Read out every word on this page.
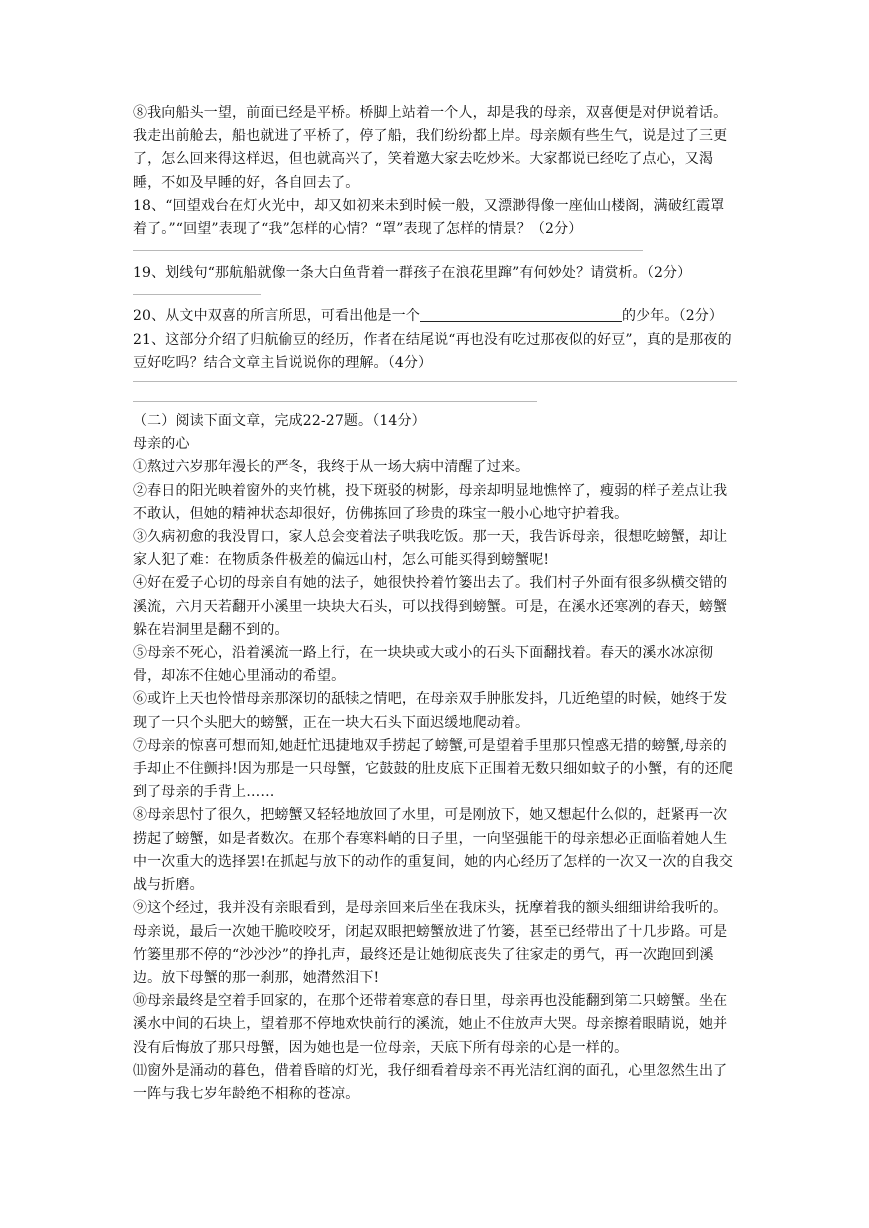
⑧我向船头一望，前面已经是平桥。桥脚上站着一个人，却是我的母亲，双喜便是对伊说着话。我走出前舱去，船也就进了平桥了，停了船，我们纷纷都上岸。母亲颇有些生气，说是过了三更了，怎么回来得这样迟，但也就高兴了，笑着邀大家去吃炒米。大家都说已经吃了点心，又渴睡，不如及早睡的好，各自回去了。

18、“回望戏台在灯火光中，却又如初来未到时候一般，又漂渺得像一座仙山楼阁，满破红霞罩着了。”“回望”表现了“我”怎样的心情？“罩”表现了怎样的情景？（2分）

19、划线句“那航船就像一条大白鱼背着一群孩子在浪花里蹿”有何妙处？请赏析。（2分）

20、从文中双喜的所言所思，可看出他是一个	的少年。（2分）

21、这部分介绍了归航偷豆的经历，作者在结尾说“再也没有吃过那夜似的好豆”，真的是那夜的豆好吃吗？结合文章主旨说说你的理解。（4分）

（二）阅读下面文章，完成22-27题。（14分）

母亲的心

①熬过六岁那年漫长的严冬，我终于从一场大病中清醒了过来。

②春日的阳光映着窗外的夹竹桃，投下斑驳的树影，母亲却明显地憔悴了，瘦弱的样子差点让我不敢认，但她的精神状态却很好，仿佛拣回了珍贵的珠宝一般小心地守护着我。

③久病初愈的我没胃口，家人总会变着法子哄我吃饭。那一天，我告诉母亲，很想吃螃蟹，却让家人犯了难：在物质条件极差的偏远山村，怎么可能买得到螃蟹呢!

④好在爱子心切的母亲自有她的法子，她很快拎着竹篓出去了。我们村子外面有很多纵横交错的溪流，六月天若翻开小溪里一块块大石头，可以找得到螃蟹。可是，在溪水还寒冽的春天，螃蟹躲在岩洞里是翻不到的。

⑤母亲不死心，沿着溪流一路上行，在一块块或大或小的石头下面翻找着。春天的溪水冰凉彻骨，却冻不住她心里涌动的希望。

⑥或许上天也怜惜母亲那深切的舐犊之情吧，在母亲双手肿胀发抖，几近绝望的时候，她终于发现了一只个头肥大的螃蟹，正在一块大石头下面迟缓地爬动着。

⑦母亲的惊喜可想而知,她赶忙迅捷地双手捞起了螃蟹,可是望着手里那只惶惑无措的螃蟹,母亲的手却止不住颤抖!因为那是一只母蟹，它鼓鼓的肚皮底下正围着无数只细如蚊子的小蟹，有的还爬到了母亲的手背上……

⑧母亲思忖了很久，把螃蟹又轻轻地放回了水里，可是刚放下，她又想起什么似的，赶紧再一次捞起了螃蟹，如是者数次。在那个春寒料峭的日子里，一向坚强能干的母亲想必正面临着她人生中一次重大的选择罢!在抓起与放下的动作的重复间，她的内心经历了怎样的一次又一次的自我交战与折磨。

⑨这个经过，我并没有亲眼看到，是母亲回来后坐在我床头，抚摩着我的额头细细讲给我听的。母亲说，最后一次她干脆咬咬牙，闭起双眼把螃蟹放进了竹篓，甚至已经带出了十几步路。可是竹篓里那不停的“沙沙沙”的挣扎声，最终还是让她彻底丧失了往家走的勇气，再一次跑回到溪边。放下母蟹的那一刹那，她潸然泪下!

⑩母亲最终是空着手回家的，在那个还带着寒意的春日里，母亲再也没能翻到第二只螃蟹。坐在溪水中间的石块上，望着那不停地欢快前行的溪流，她止不住放声大哭。母亲擦着眼睛说，她并没有后悔放了那只母蟹，因为她也是一位母亲，天底下所有母亲的心是一样的。

⑾窗外是涌动的暮色，借着昏暗的灯光，我仔细看着母亲不再光洁红润的面孔，心里忽然生出了一阵与我七岁年龄绝不相称的苍凉。
